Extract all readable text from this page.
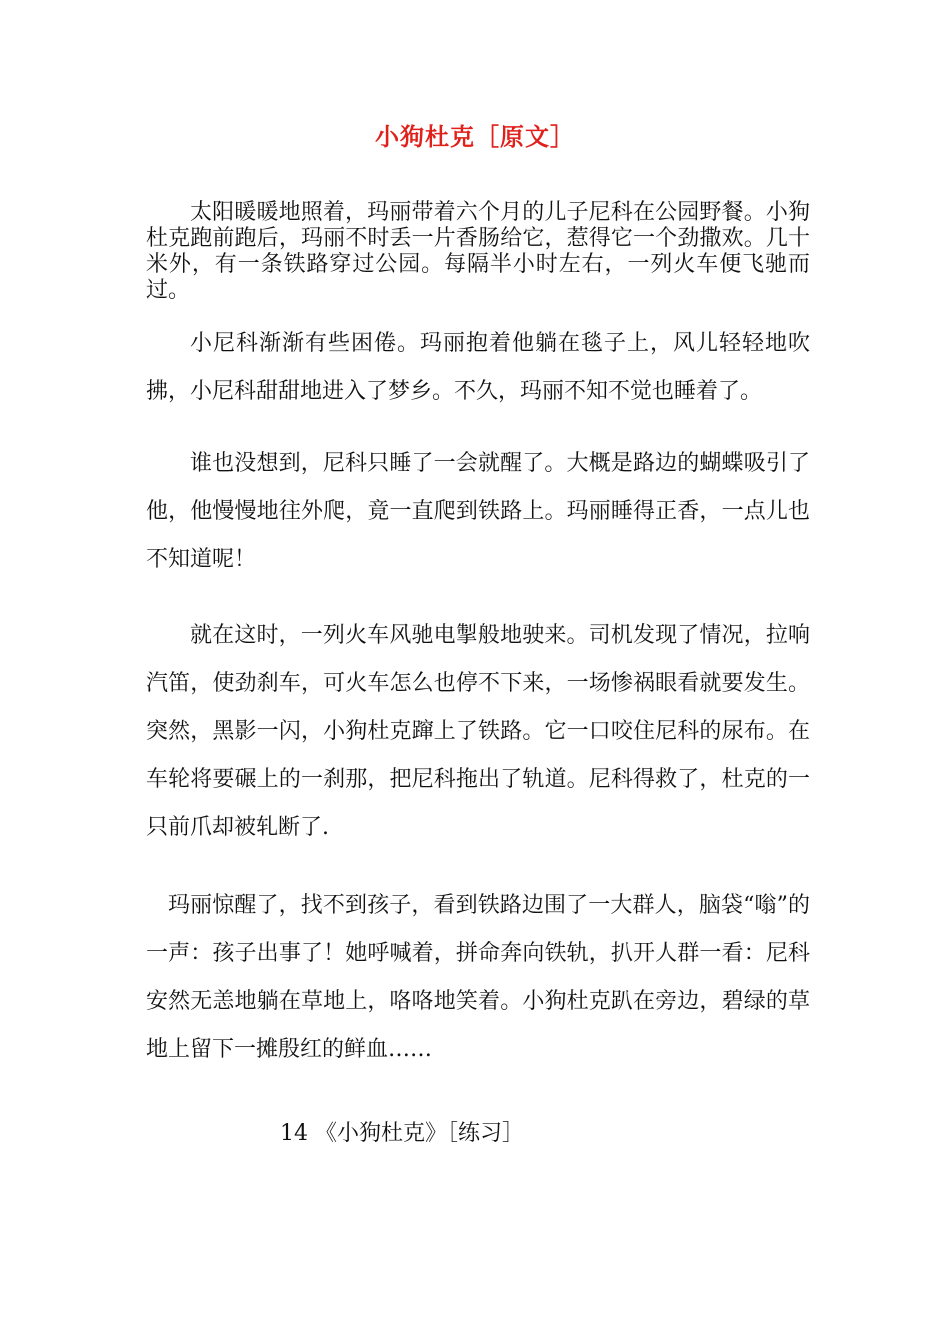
小狗杜克［原文］

太阳暖暖地照着，玛丽带着六个月的儿子尼科在公园野餐。小狗杜克跑前跑后，玛丽不时丢一片香肠给它，惹得它一个劲撒欢。几十米外，有一条铁路穿过公园。每隔半小时左右，一列火车便飞驰而过。

小尼科渐渐有些困倦。玛丽抱着他躺在毯子上，风儿轻轻地吹拂，小尼科甜甜地进入了梦乡。不久，玛丽不知不觉也睡着了。

谁也没想到，尼科只睡了一会就醒了。大概是路边的蝴蝶吸引了他，他慢慢地往外爬，竟一直爬到铁路上。玛丽睡得正香，一点儿也不知道呢！

就在这时，一列火车风驰电掣般地驶来。司机发现了情况，拉响汽笛，使劲刹车，可火车怎么也停不下来，一场惨祸眼看就要发生。突然，黑影一闪，小狗杜克蹿上了铁路。它一口咬住尼科的尿布。在车轮将要碾上的一刹那，把尼科拖出了轨道。尼科得救了，杜克的一只前爪却被轧断了.

玛丽惊醒了，找不到孩子，看到铁路边围了一大群人，脑袋“嗡”的一声：孩子出事了！她呼喊着，拼命奔向铁轨，扒开人群一看：尼科安然无恙地躺在草地上，咯咯地笑着。小狗杜克趴在旁边，碧绿的草地上留下一摊殷红的鲜血……

14 《小狗杜克》［练习］
